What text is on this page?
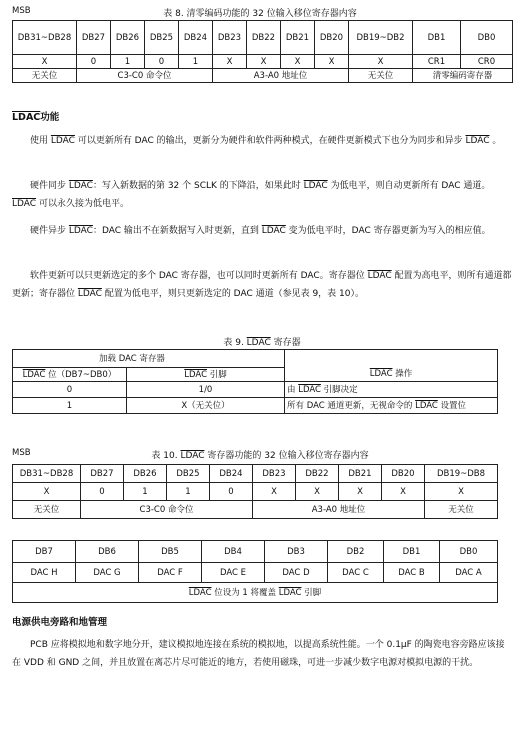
MSB	表 8. 清零编码功能的 32 位输入移位寄存器内容
DB31~DB28	DB27	DB26	DB25	DB24	DB23	DB22	DB21	DB20	DB19~DB2	DB1	DB0
X	0	1	0	1	X	X	X	X	X	CR1	CR0
无关位	C3-C0 命令位				A3-A0 地址位				无关位	清零编码寄存器	
LDAC功能

使用 LDAC 可以更新所有 DAC 的输出，更新分为硬件和软件两种模式，在硬件更新模式下也分为同步和异步 LDAC 。

硬件同步 LDAC：写入新数据的第 32 个 SCLK 的下降沿，如果此时 LDAC 为低电平，则自动更新所有 DAC 通道。LDAC 可以永久接为低电平。

硬件异步 LDAC：DAC 输出不在新数据写入时更新，直到 LDAC 变为低电平时，DAC 寄存器更新为写入的相应值。

软件更新可以只更新选定的多个 DAC 寄存器，也可以同时更新所有 DAC。寄存器位 LDAC 配置为高电平，则所有通道都更新；寄存器位 LDAC 配置为低电平，则只更新选定的 DAC 通道（参见表 9，表 10）。

表 9. LDAC 寄存器
加载 DAC 寄存器		
LDAC 位（DB7~DB0）	LDAC 引脚	LDAC 操作
0	1/0	由 LDAC 引脚决定
1	X（无关位）	所有 DAC 通道更新，无视命令的 LDAC 设置位
MSB	表 10. LDAC 寄存器功能的 32 位输入移位寄存器内容
DB31~DB28	DB27	DB26	DB25	DB24	DB23	DB22	DB21	DB20	DB19~DB8
X	0	1	1	0	X	X	X	X	X
无关位	C3-C0 命令位				A3-A0 地址位				无关位
DB7	DB6	DB5	DB4	DB3	DB2	DB1	DB0
DAC H	DAC G	DAC F	DAC E	DAC D	DAC C	DAC B	DAC A
LDAC 位设为 1 将覆盖 LDAC 引脚							
电源供电旁路和地管理

PCB 应将模拟地和数字地分开，建议模拟地连接在系统的模拟地，以提高系统性能。一个 0.1μF 的陶瓷电容旁路应该接在 VDD 和 GND 之间，并且放置在离芯片尽可能近的地方，若使用磁珠，可进一步减少数字电源对模拟电源的干扰。
